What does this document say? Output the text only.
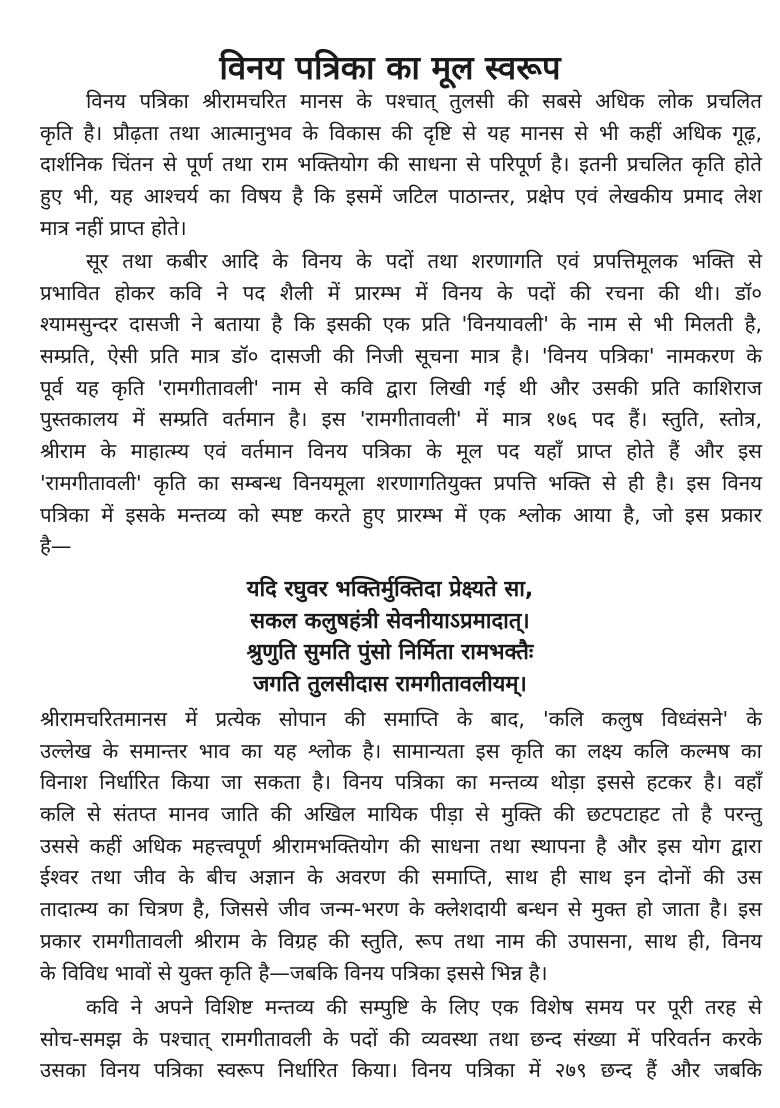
विनय पत्रिका का मूल स्वरूप
विनय पत्रिका श्रीरामचरित मानस के पश्चात् तुलसी की सबसे अधिक लोक प्रचलित
कृति है। प्रौढ़ता तथा आत्मानुभव के विकास की दृष्टि से यह मानस से भी कहीं अधिक गूढ़,
दार्शनिक चिंतन से पूर्ण तथा राम भक्तियोग की साधना से परिपूर्ण है। इतनी प्रचलित कृति होते
हुए भी, यह आश्चर्य का विषय है कि इसमें जटिल पाठान्तर, प्रक्षेप एवं लेखकीय प्रमाद लेश
मात्र नहीं प्राप्त होते।
सूर तथा कबीर आदि के विनय के पदों तथा शरणागति एवं प्रपत्तिमूलक भक्ति से
प्रभावित होकर कवि ने पद शैली में प्रारम्भ में विनय के पदों की रचना की थी। डॉ०
श्यामसुन्दर दासजी ने बताया है कि इसकी एक प्रति 'विनयावली' के नाम से भी मिलती है,
सम्प्रति, ऐसी प्रति मात्र डॉ० दासजी की निजी सूचना मात्र है। 'विनय पत्रिका' नामकरण के
पूर्व यह कृति 'रामगीतावली' नाम से कवि द्वारा लिखी गई थी और उसकी प्रति काशिराज
पुस्तकालय में सम्प्रति वर्तमान है। इस 'रामगीतावली' में मात्र १७६ पद हैं। स्तुति, स्तोत्र,
श्रीराम के माहात्म्य एवं वर्तमान विनय पत्रिका के मूल पद यहाँ प्राप्त होते हैं और इस
'रामगीतावली' कृति का सम्बन्ध विनयमूला शरणागतियुक्त प्रपत्ति भक्ति से ही है। इस विनय
पत्रिका में इसके मन्तव्य को स्पष्ट करते हुए प्रारम्भ में एक श्लोक आया है, जो इस प्रकार
है—
यदि रघुवर भक्तिर्मुक्तिदा प्रेक्ष्यते सा,
सकल कलुषहंत्री सेवनीयाऽप्रमादात्।
श्रुणुति सुमति पुंसो निर्मिता रामभक्तैः
जगति तुलसीदास रामगीतावलीयम्।
श्रीरामचरितमानस में प्रत्येक सोपान की समाप्ति के बाद, 'कलि कलुष विध्वंसने' के
उल्लेख के समान्तर भाव का यह श्लोक है। सामान्यता इस कृति का लक्ष्य कलि कल्मष का
विनाश निर्धारित किया जा सकता है। विनय पत्रिका का मन्तव्य थोड़ा इससे हटकर है। वहाँ
कलि से संतप्त मानव जाति की अखिल मायिक पीड़ा से मुक्ति की छटपटाहट तो है परन्तु
उससे कहीं अधिक महत्त्वपूर्ण श्रीरामभक्तियोग की साधना तथा स्थापना है और इस योग द्वारा
ईश्वर तथा जीव के बीच अज्ञान के अवरण की समाप्ति, साथ ही साथ इन दोनों की उस
तादात्म्य का चित्रण है, जिससे जीव जन्म-भरण के क्लेशदायी बन्धन से मुक्त हो जाता है। इस
प्रकार रामगीतावली श्रीराम के विग्रह की स्तुति, रूप तथा नाम की उपासना, साथ ही, विनय
के विविध भावों से युक्त कृति है—जबकि विनय पत्रिका इससे भिन्न है।
कवि ने अपने विशिष्ट मन्तव्य की सम्पुष्टि के लिए एक विशेष समय पर पूरी तरह से
सोच-समझ के पश्चात् रामगीतावली के पदों की व्यवस्था तथा छन्द संख्या में परिवर्तन करके
उसका विनय पत्रिका स्वरूप निर्धारित किया। विनय पत्रिका में २७९ छन्द हैं और जबकि
